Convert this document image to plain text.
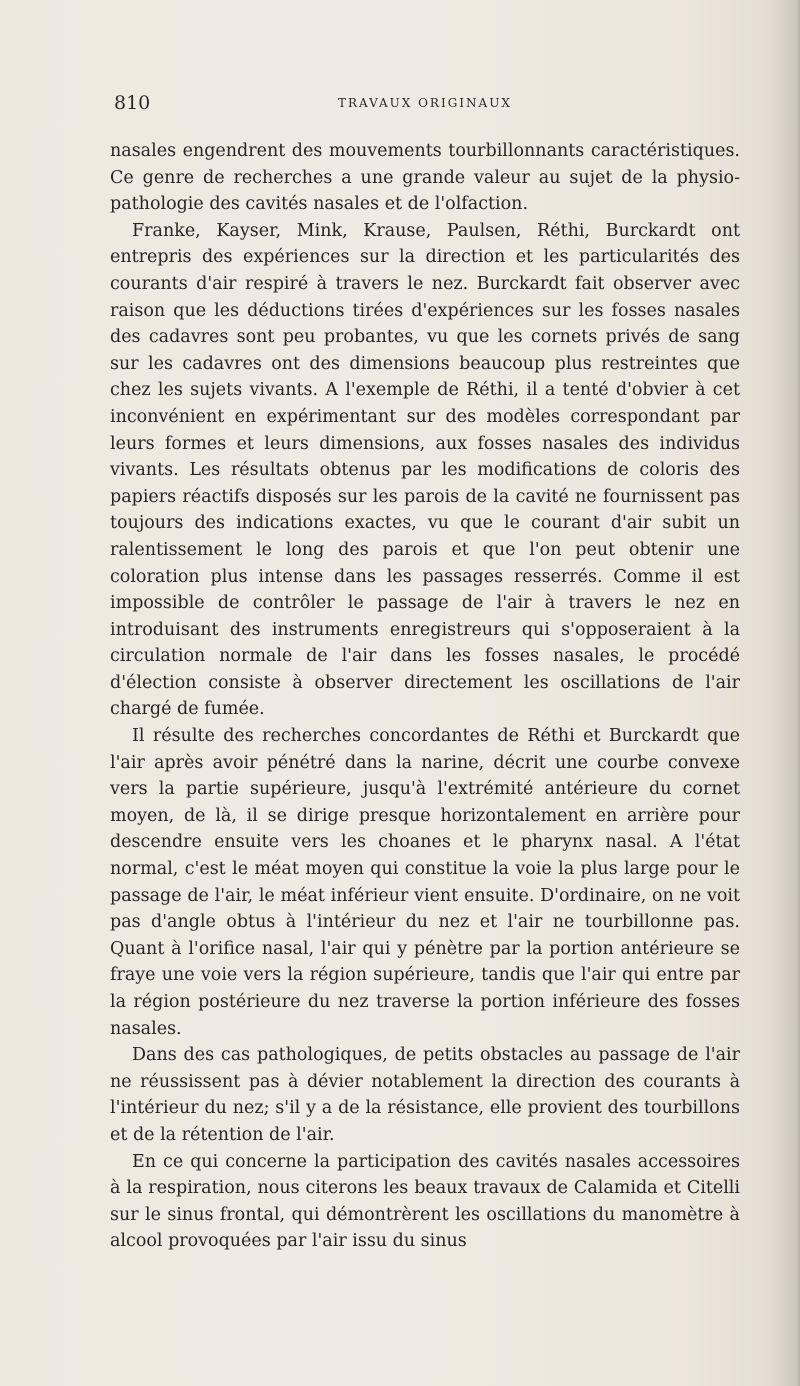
810	TRAVAUX ORIGINAUX

nasales engendrent des mouvements tourbillonnants caractéristiques. Ce genre de recherches a une grande valeur au sujet de la physio-pathologie des cavités nasales et de l'olfaction.

Franke, Kayser, Mink, Krause, Paulsen, Réthi, Burckardt ont entrepris des expériences sur la direction et les particularités des courants d'air respiré à travers le nez. Burckardt fait observer avec raison que les déductions tirées d'expériences sur les fosses nasales des cadavres sont peu probantes, vu que les cornets privés de sang sur les cadavres ont des dimensions beaucoup plus restreintes que chez les sujets vivants. A l'exemple de Réthi, il a tenté d'obvier à cet inconvénient en expérimentant sur des modèles correspondant par leurs formes et leurs dimensions, aux fosses nasales des individus vivants. Les résultats obtenus par les modifications de coloris des papiers réactifs disposés sur les parois de la cavité ne fournissent pas toujours des indications exactes, vu que le courant d'air subit un ralentissement le long des parois et que l'on peut obtenir une coloration plus intense dans les passages resserrés. Comme il est impossible de contrôler le passage de l'air à travers le nez en introduisant des instruments enregistreurs qui s'opposeraient à la circulation normale de l'air dans les fosses nasales, le procédé d'élection consiste à observer directement les oscillations de l'air chargé de fumée.

Il résulte des recherches concordantes de Réthi et Burckardt que l'air après avoir pénétré dans la narine, décrit une courbe convexe vers la partie supérieure, jusqu'à l'extrémité antérieure du cornet moyen, de là, il se dirige presque horizontalement en arrière pour descendre ensuite vers les choanes et le pharynx nasal. A l'état normal, c'est le méat moyen qui constitue la voie la plus large pour le passage de l'air, le méat inférieur vient ensuite. D'ordinaire, on ne voit pas d'angle obtus à l'intérieur du nez et l'air ne tourbillonne pas. Quant à l'orifice nasal, l'air qui y pénètre par la portion antérieure se fraye une voie vers la région supérieure, tandis que l'air qui entre par la région postérieure du nez traverse la portion inférieure des fosses nasales.

Dans des cas pathologiques, de petits obstacles au passage de l'air ne réussissent pas à dévier notablement la direction des courants à l'intérieur du nez; s'il y a de la résistance, elle provient des tourbillons et de la rétention de l'air.

En ce qui concerne la participation des cavités nasales accessoires à la respiration, nous citerons les beaux travaux de Calamida et Citelli sur le sinus frontal, qui démontrèrent les oscillations du manomètre à alcool provoquées par l'air issu du sinus
